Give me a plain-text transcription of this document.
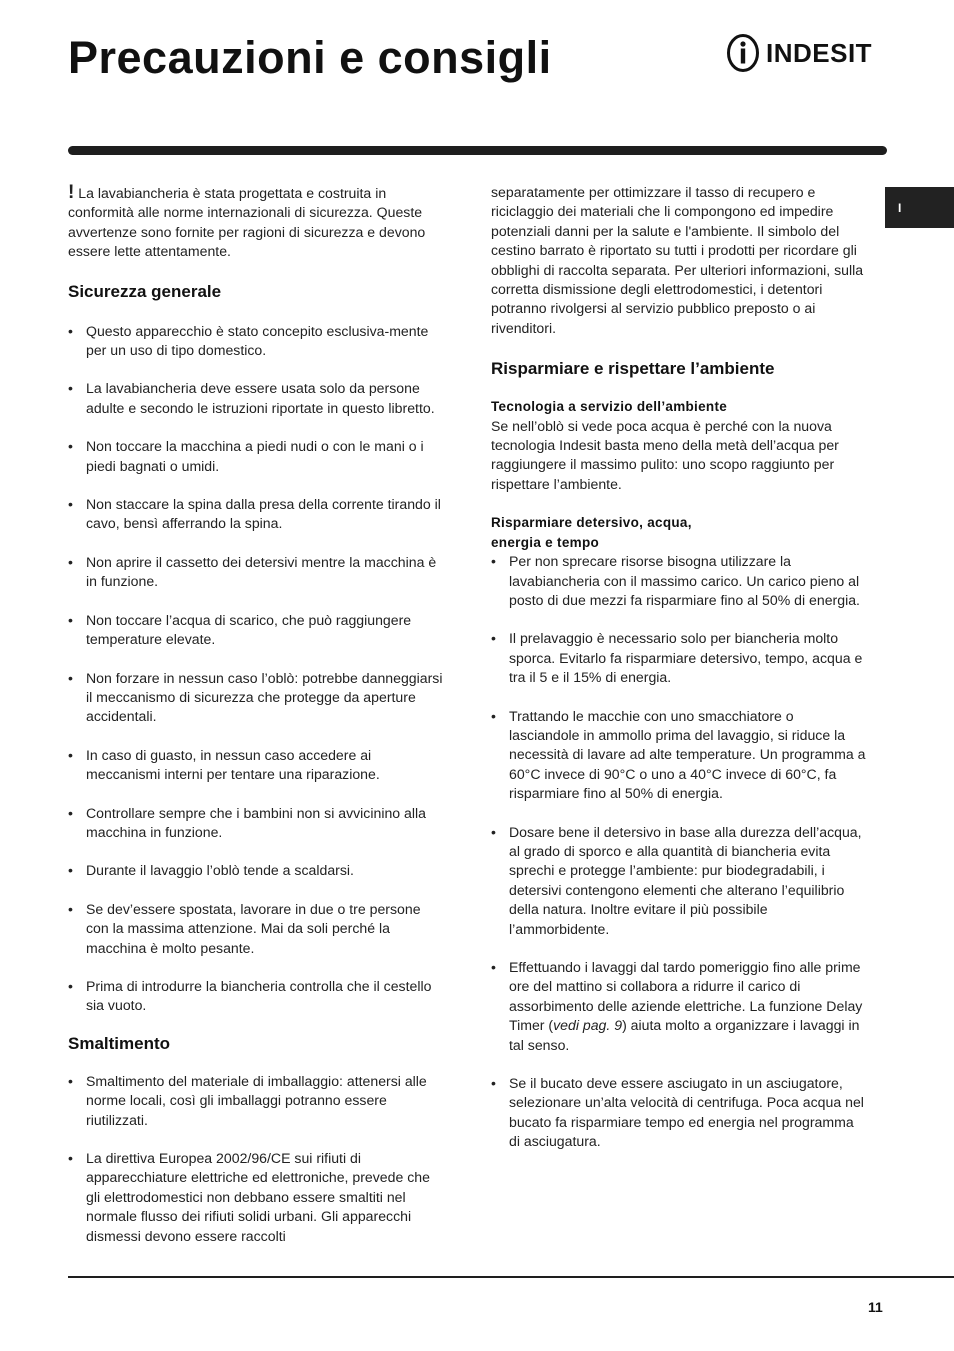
Precauzioni e consigli	INDESIT
I

! La lavabiancheria è stata progettata e costruita in conformità alle norme internazionali di sicurezza. Queste avvertenze sono fornite per ragioni di sicurezza e devono essere lette attentamente.

Sicurezza generale
• Questo apparecchio è stato concepito esclusiva-mente per un uso di tipo domestico.
• La lavabiancheria deve essere usata solo da persone adulte e secondo le istruzioni riportate in questo libretto.
• Non toccare la macchina a piedi nudi o con le mani o i piedi bagnati o umidi.
• Non staccare la spina dalla presa della corrente tirando il cavo, bensì afferrando la spina.
• Non aprire il cassetto dei detersivi mentre la macchina è in funzione.
• Non toccare l’acqua di scarico, che può raggiungere temperature elevate.
• Non forzare in nessun caso l’oblò: potrebbe danneggiarsi il meccanismo di sicurezza che protegge da aperture accidentali.
• In caso di guasto, in nessun caso accedere ai meccanismi interni per tentare una riparazione.
• Controllare sempre che i bambini non si avvicinino alla macchina in funzione.
• Durante il lavaggio l’oblò tende a scaldarsi.
• Se dev’essere spostata, lavorare in due o tre persone con la massima attenzione. Mai da soli perché la macchina è molto pesante.
• Prima di introdurre la biancheria controlla che il cestello sia vuoto.
Smaltimento
• Smaltimento del materiale di imballaggio: attenersi alle norme locali, così gli imballaggi potranno essere riutilizzati.
• La direttiva Europea 2002/96/CE sui rifiuti di apparecchiature elettriche ed elettroniche, prevede che gli elettrodomestici non debbano essere smaltiti nel normale flusso dei rifiuti solidi urbani. Gli apparecchi dismessi devono essere raccolti

separatamente per ottimizzare il tasso di recupero e riciclaggio dei materiali che li compongono ed impedire potenziali danni per la salute e l'ambiente. Il simbolo del cestino barrato è riportato su tutti i prodotti per ricordare gli obblighi di raccolta separata. Per ulteriori informazioni, sulla corretta dismissione degli elettrodomestici, i detentori potranno rivolgersi al servizio pubblico preposto o ai rivenditori.

Risparmiare e rispettare l’ambiente
Tecnologia a servizio dell’ambiente

Se nell’oblò si vede poca acqua è perché con la nuova tecnologia Indesit basta meno della metà dell’acqua per raggiungere il massimo pulito: uno scopo raggiunto per rispettare l’ambiente.

Risparmiare detersivo, acqua,
energia e tempo
• Per non sprecare risorse bisogna utilizzare la lavabiancheria con il massimo carico. Un carico pieno al posto di due mezzi fa risparmiare fino al 50% di energia.
• Il prelavaggio è necessario solo per biancheria molto sporca. Evitarlo fa risparmiare detersivo, tempo, acqua e tra il 5 e il 15% di energia.
• Trattando le macchie con uno smacchiatore o lasciandole in ammollo prima del lavaggio, si riduce la necessità di lavare ad alte temperature. Un programma a 60°C invece di 90°C o uno a 40°C invece di 60°C, fa risparmiare fino al 50% di energia.
• Dosare bene il detersivo in base alla durezza dell’acqua, al grado di sporco e alla quantità di biancheria evita sprechi e protegge l’ambiente: pur biodegradabili, i detersivi contengono elementi che alterano l’equilibrio della natura. Inoltre evitare il più possibile l’ammorbidente.
• Effettuando i lavaggi dal tardo pomeriggio fino alle prime ore del mattino si collabora a ridurre il carico di assorbimento delle aziende elettriche. La funzione Delay Timer (vedi pag. 9) aiuta molto a organizzare i lavaggi in tal senso.
• Se il bucato deve essere asciugato in un asciugatore, selezionare un’alta velocità di centrifuga. Poca acqua nel bucato fa risparmiare tempo ed energia nel programma di asciugatura.
11
